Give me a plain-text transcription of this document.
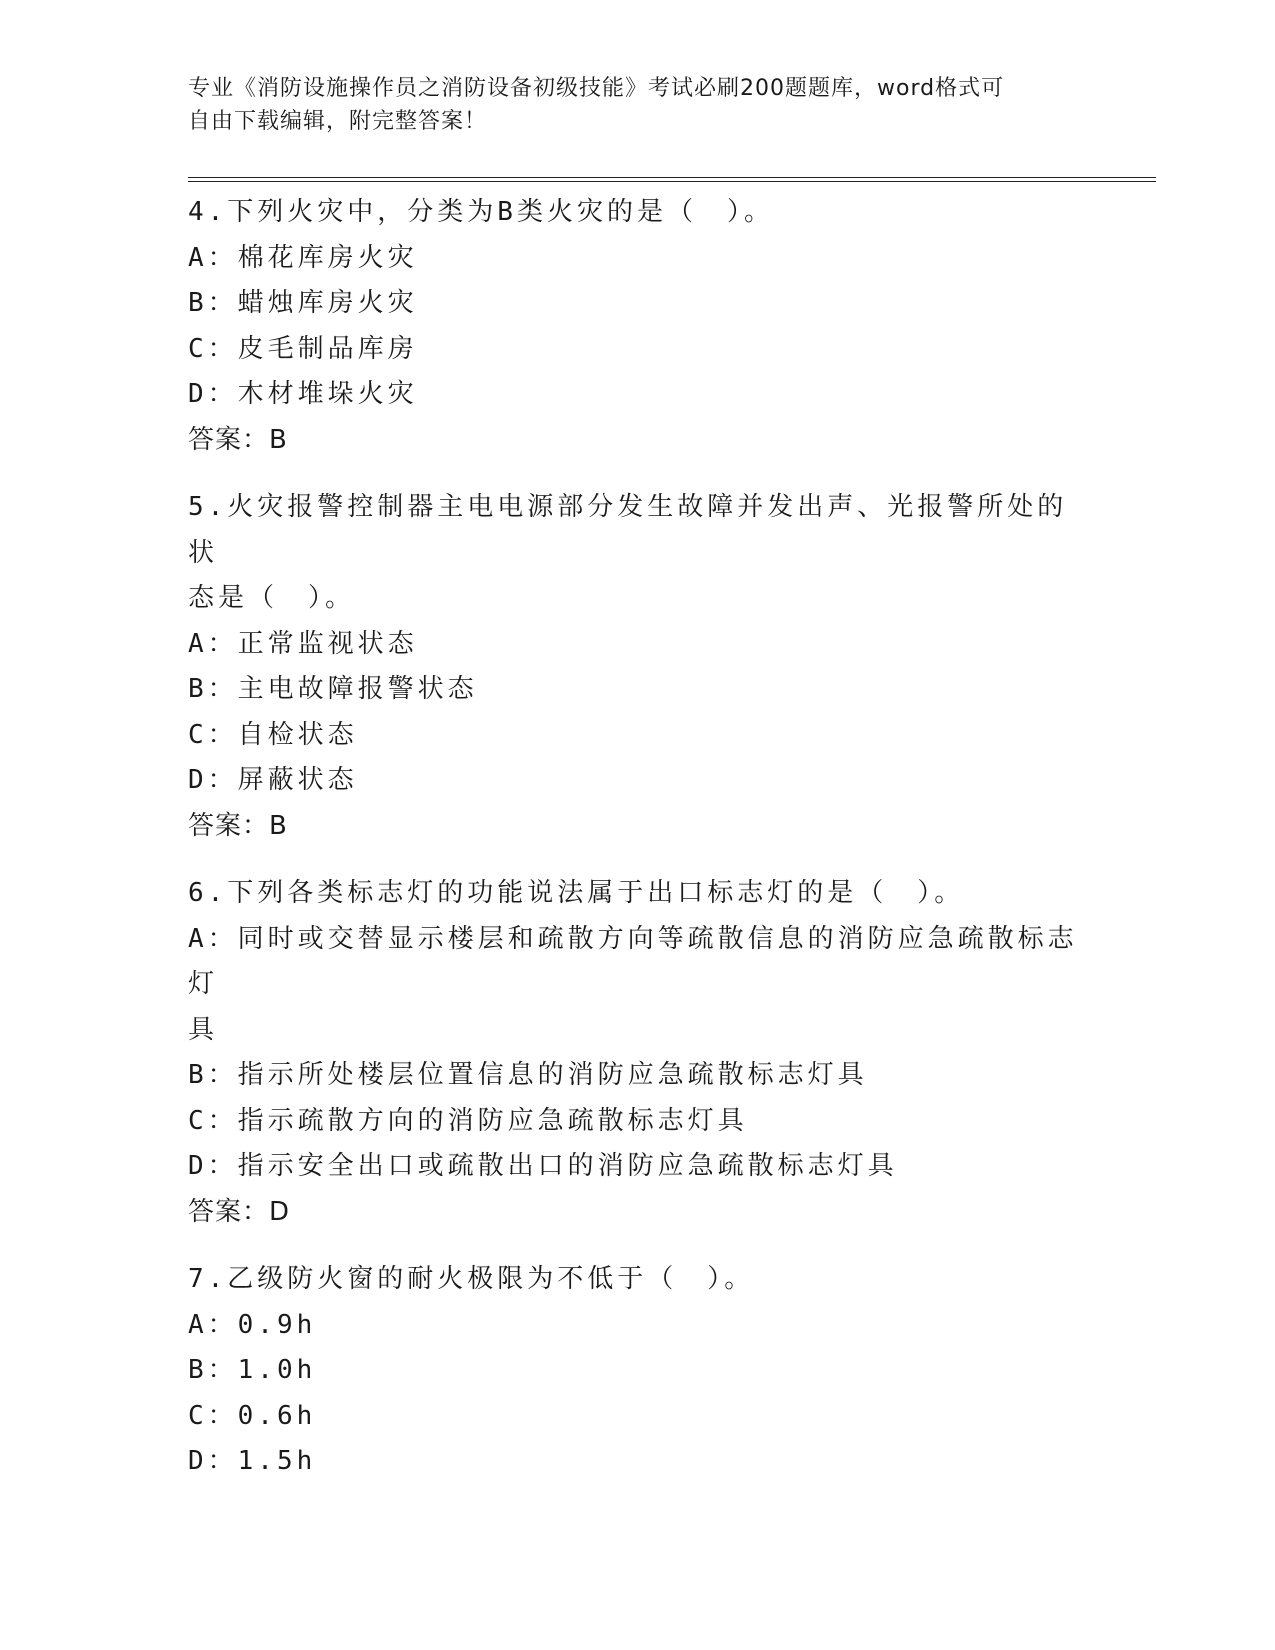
专业《消防设施操作员之消防设备初级技能》考试必刷200题题库，word格式可
自由下载编辑，附完整答案！
4.下列火灾中，分类为B类火灾的是（　）。
A：棉花库房火灾
B：蜡烛库房火灾
C：皮毛制品库房
D：木材堆垛火灾
答案：B
5.火灾报警控制器主电电源部分发生故障并发出声、光报警所处的状
态是（　）。
A：正常监视状态
B：主电故障报警状态
C：自检状态
D：屏蔽状态
答案：B
6.下列各类标志灯的功能说法属于出口标志灯的是（　）。
A：同时或交替显示楼层和疏散方向等疏散信息的消防应急疏散标志灯
具
B：指示所处楼层位置信息的消防应急疏散标志灯具
C：指示疏散方向的消防应急疏散标志灯具
D：指示安全出口或疏散出口的消防应急疏散标志灯具
答案：D
7.乙级防火窗的耐火极限为不低于（　）。
A：0.9h
B：1.0h
C：0.6h
D：1.5h
